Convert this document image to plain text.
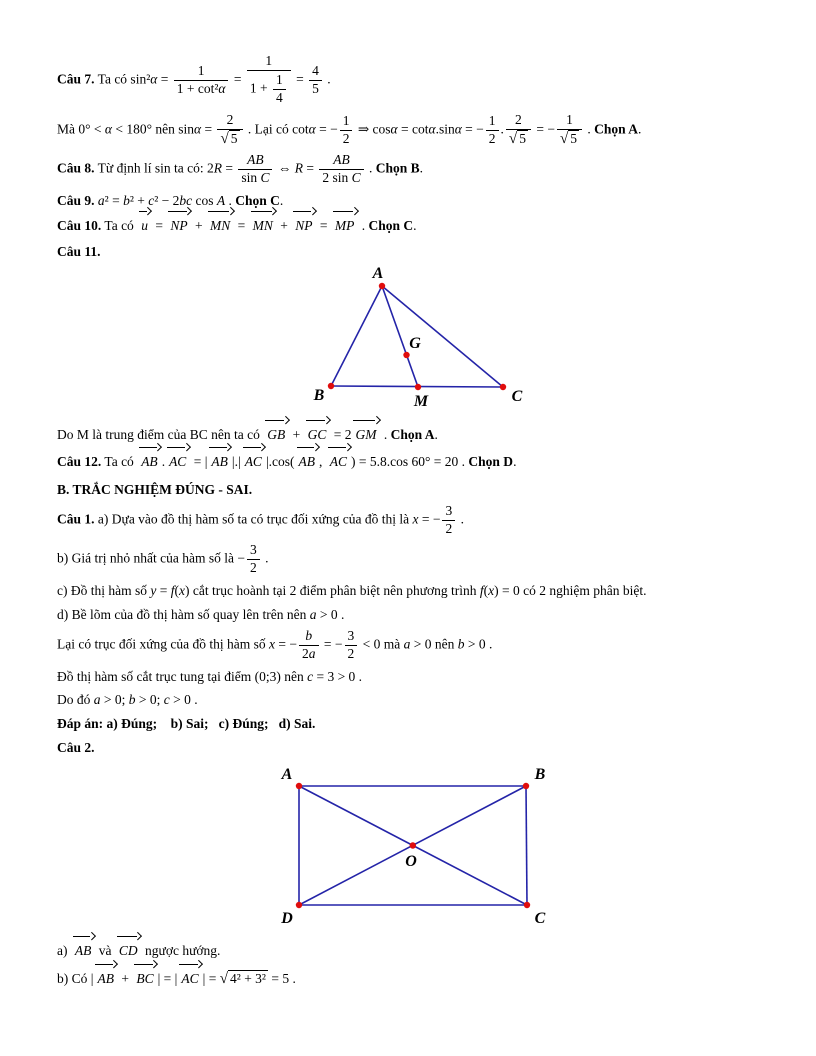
Câu 7. Ta có $\sin^2\alpha = \frac{1}{\text{1 + cot²α}} = \frac{1}{1 + \frac{1}{4}} = \frac{4}{5}$ .
Mà 0° < α < 180° nên sinα = 2
√ 5 . Lại có cotα = − $\frac{1}{2}$ ⇒ cosα = cotα.sinα = − $\frac{1}{2}$ . 2
√ 5 = − 1
√ 5 . Chọn A.
Câu 8. Từ định lí sin ta có: $2R = \frac{AB}{\text{sin C}}$ ⇔ $R = \frac{AB}{\text{2 sin C}}$ . Chọn B.
Câu 9. a² = b² + c² − 2bc cos A . Chọn C.
Câu 10. Ta có u = NP + MN = MN + NP = MP . Chọn C.
Câu 11.
A
B	C
M
G
Do M là trung điểm của BC nên ta có GB + GC = 2 GM . Chọn A.
Câu 12. Ta có AB . AC = | AB |.| AC |.cos( AB , AC ) = 5.8.cos 60° = 20 . Chọn D.
B. TRẮC NGHIỆM ĐÚNG - SAI.
Câu 1. a) Dựa vào đồ thị hàm số ta có trục đối xứng của đồ thị là x = − $\frac{3}{2}$ .
b) Giá trị nhỏ nhất của hàm số là − $\frac{3}{2}$ .
c) Đồ thị hàm số y = f(x) cắt trục hoành tại 2 điểm phân biệt nên phương trình f(x) = 0 có 2 nghiệm phân biệt.
d) Bề lõm của đồ thị hàm số quay lên trên nên a > 0 .
Lại có trục đối xứng của đồ thị hàm số x = − $\frac{b}{2a}$ = − $\frac{3}{2} < 0$ mà a > 0 nên b > 0 .
Đồ thị hàm số cắt trục tung tại điểm (0;3) nên c = 3 > 0 .
Do đó a > 0; b > 0; c > 0 .
Đáp án: a) Đúng;    b) Sai;   c) Đúng;   d) Sai.
Câu 2.
A	B
C
D
O
a) AB và CD ngược hướng.
b) Có | AB + BC | = | AC | = √ 4² + 3² = 5 .
